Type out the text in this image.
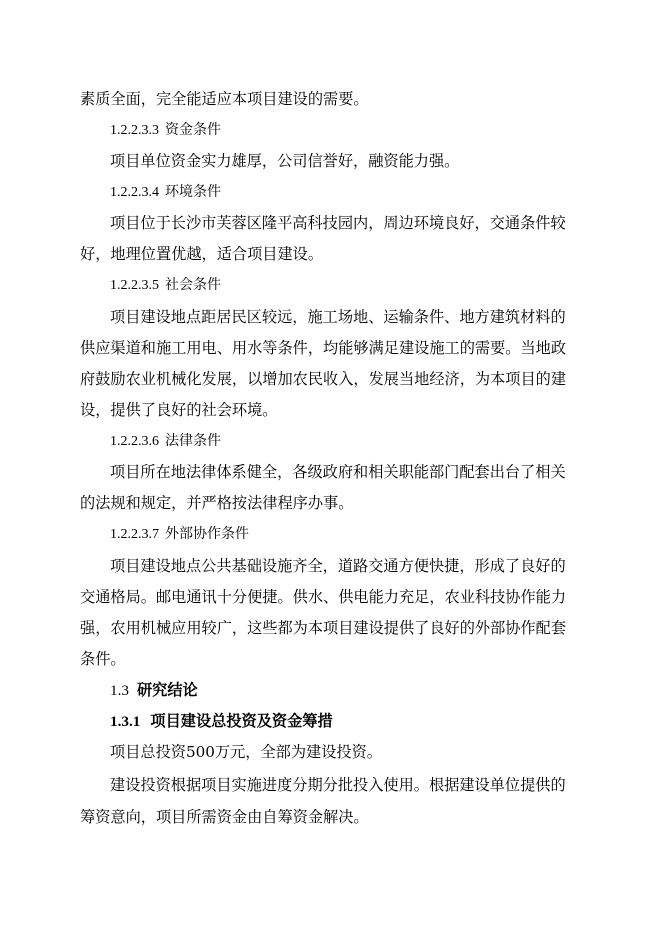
素质全面，完全能适应本项目建设的需要。
1.2.2.3.3 资金条件
项目单位资金实力雄厚，公司信誉好，融资能力强。
1.2.2.3.4 环境条件
项目位于长沙市芙蓉区隆平高科技园内，周边环境良好，交通条件较
好，地理位置优越，适合项目建设。
1.2.2.3.5 社会条件
项目建设地点距居民区较远，施工场地、运输条件、地方建筑材料的
供应渠道和施工用电、用水等条件，均能够满足建设施工的需要。当地政
府鼓励农业机械化发展，以增加农民收入，发展当地经济，为本项目的建
设，提供了良好的社会环境。
1.2.2.3.6 法律条件
项目所在地法律体系健全，各级政府和相关职能部门配套出台了相关
的法规和规定，并严格按法律程序办事。
1.2.2.3.7 外部协作条件
项目建设地点公共基础设施齐全，道路交通方便快捷，形成了良好的
交通格局。邮电通讯十分便捷。供水、供电能力充足，农业科技协作能力
强，农用机械应用较广，这些都为本项目建设提供了良好的外部协作配套
条件。
1.3 研究结论
1.3.1 项目建设总投资及资金筹措
项目总投资500万元，全部为建设投资。
建设投资根据项目实施进度分期分批投入使用。根据建设单位提供的
筹资意向，项目所需资金由自筹资金解决。
